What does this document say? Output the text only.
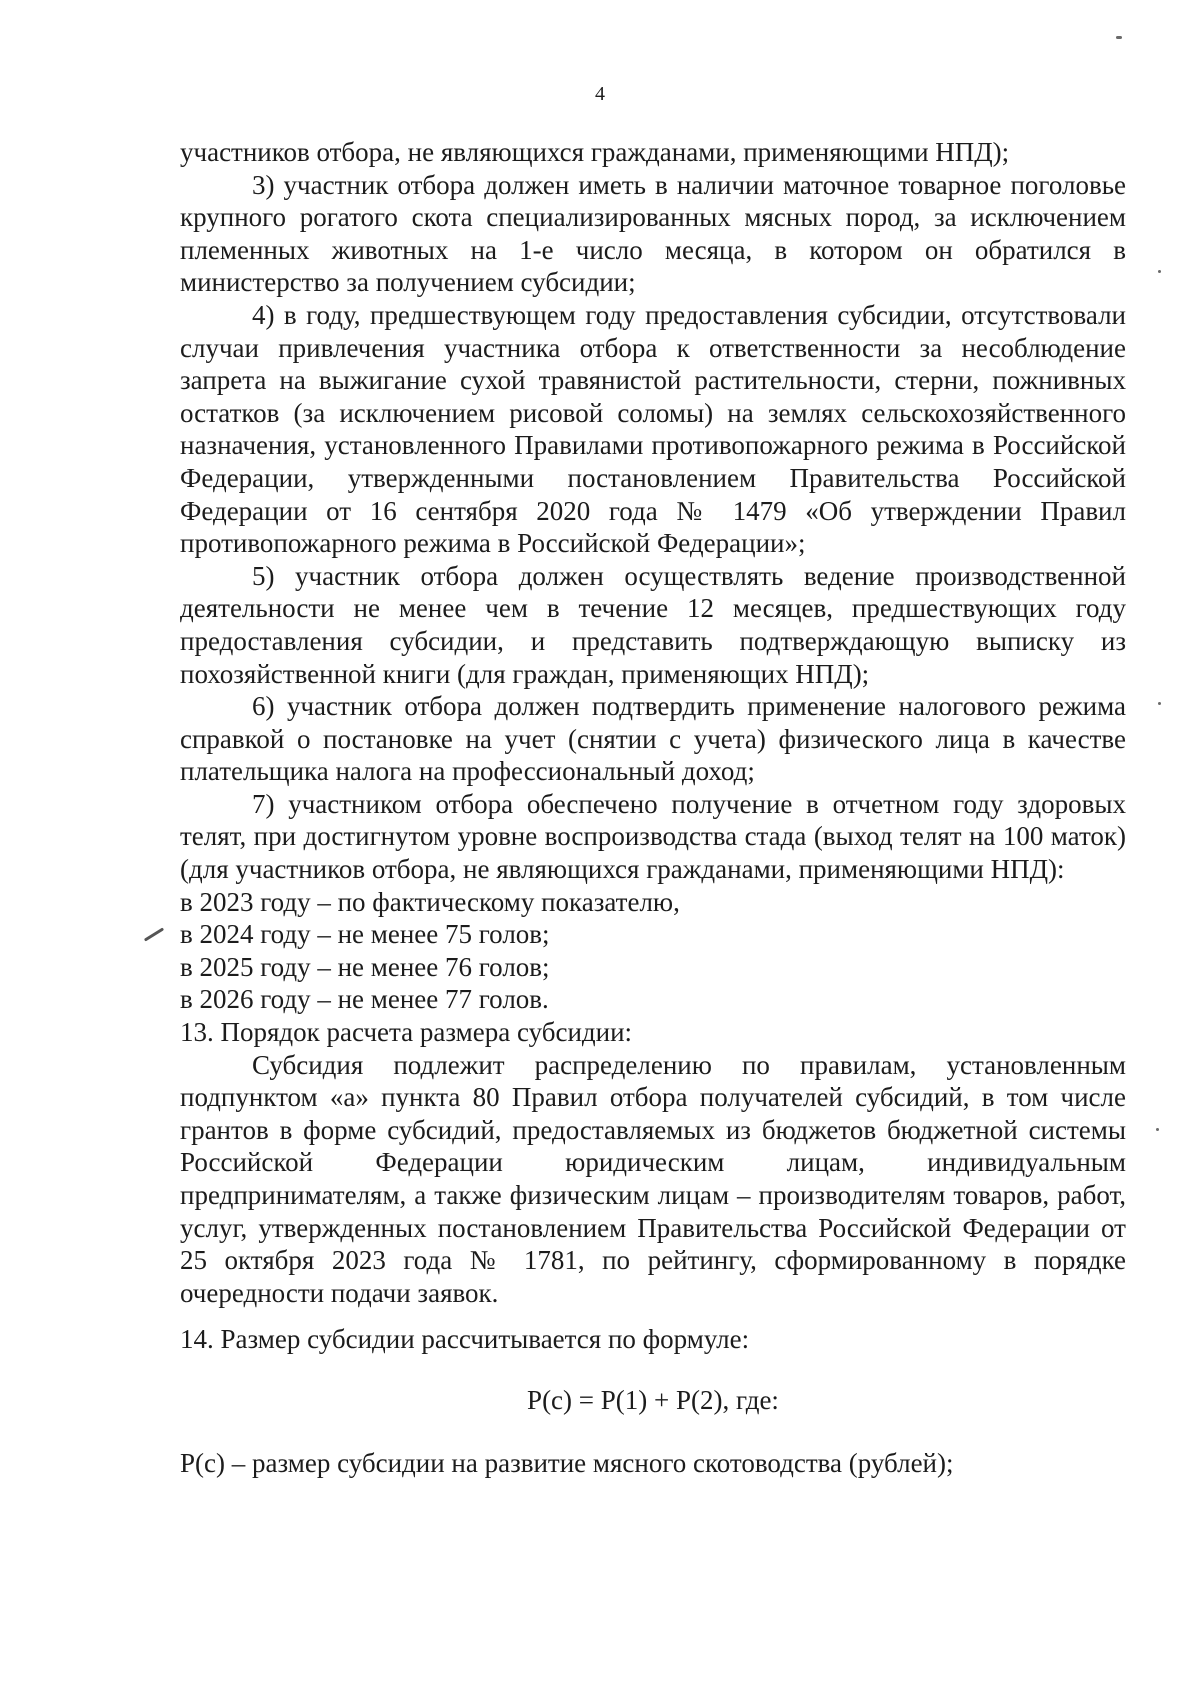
4

участников отбора, не являющихся гражданами, применяющими НПД);

3) участник отбора должен иметь в наличии маточное товарное поголовье крупного рогатого скота специализированных мясных пород, за исключением племенных животных на 1-е число месяца, в котором он обратился в министерство за получением субсидии;

4) в году, предшествующем году предоставления субсидии, отсутствовали случаи привлечения участника отбора к ответственности за несоблюдение запрета на выжигание сухой травянистой растительности, стерни, пожнивных остатков (за исключением рисовой соломы) на землях сельскохозяйственного назначения, установленного Правилами противопожарного режима в Российской Федерации, утвержденными постановлением Правительства Российской Федерации от 16 сентября 2020 года № 1479 «Об утверждении Правил противопожарного режима в Российской Федерации»;

5) участник отбора должен осуществлять ведение производственной деятельности не менее чем в течение 12 месяцев, предшествующих году предоставления субсидии, и представить подтверждающую выписку из похозяйственной книги (для граждан, применяющих НПД);

6) участник отбора должен подтвердить применение налогового режима справкой о постановке на учет (снятии с учета) физического лица в качестве плательщика налога на профессиональный доход;

7) участником отбора обеспечено получение в отчетном году здоровых телят, при достигнутом уровне воспроизводства стада (выход телят на 100 маток) (для участников отбора, не являющихся гражданами, применяющими НПД):

в 2023 году – по фактическому показателю,

в 2024 году – не менее 75 голов;

в 2025 году – не менее 76 голов;

в 2026 году – не менее 77 голов.

13. Порядок расчета размера субсидии:

Субсидия подлежит распределению по правилам, установленным подпунктом «а» пункта 80 Правил отбора получателей субсидий, в том числе грантов в форме субсидий, предоставляемых из бюджетов бюджетной системы Российской Федерации юридическим лицам, индивидуальным предпринимателям, а также физическим лицам – производителям товаров, работ, услуг, утвержденных постановлением Правительства Российской Федерации от 25 октября 2023 года № 1781, по рейтингу, сформированному в порядке очередности подачи заявок.

14. Размер субсидии рассчитывается по формуле:

P(c) = P(1) + P(2), где:

P(c) – размер субсидии на развитие мясного скотоводства (рублей);
